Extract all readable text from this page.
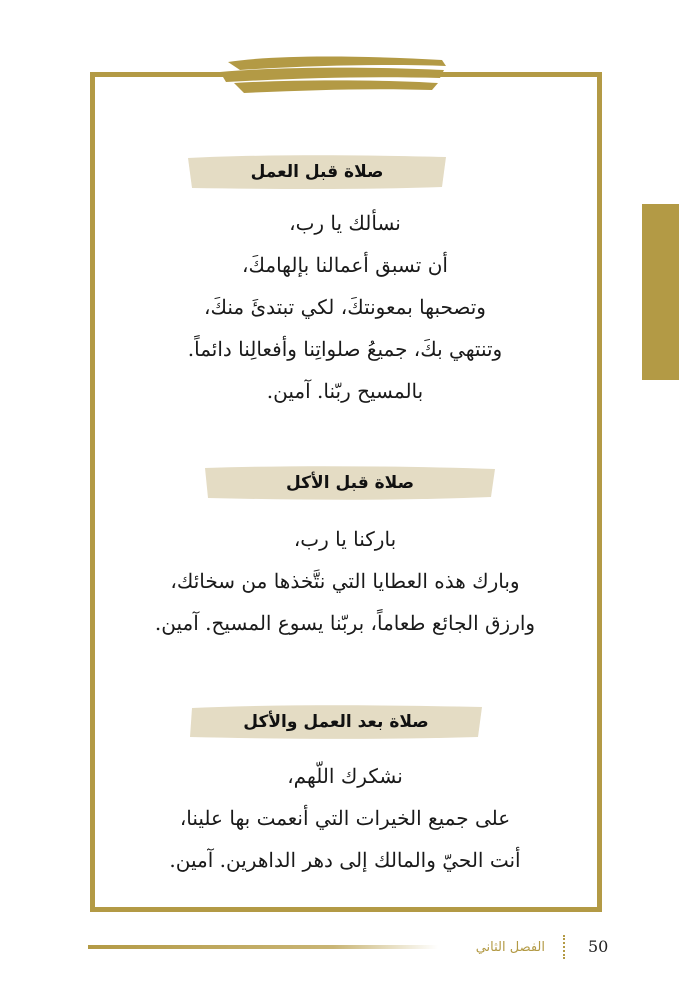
صلاة قبل العمل
نسألك يا رب،
أن تسبق أعمالنا بإلهامكَ،
وتصحبها بمعونتكَ، لكي تبتدئَ منكَ،
وتنتهي بكَ، جميعُ صلواتِنا وأفعالِنا دائماً.
بالمسيح ربّنا. آمين.
صلاة قبل الأكل
باركنا يا رب،
وبارك هذه العطايا التي نتَّخذها من سخائك،
وارزق الجائع طعاماً، بربّنا يسوع المسيح. آمين.
صلاة بعد العمل والأكل
نشكرك اللّهم،
على جميع الخيرات التي أنعمت بها علينا،
أنت الحيّ والمالك إلى دهر الداهرين. آمين.
الفصل الثاني	50
